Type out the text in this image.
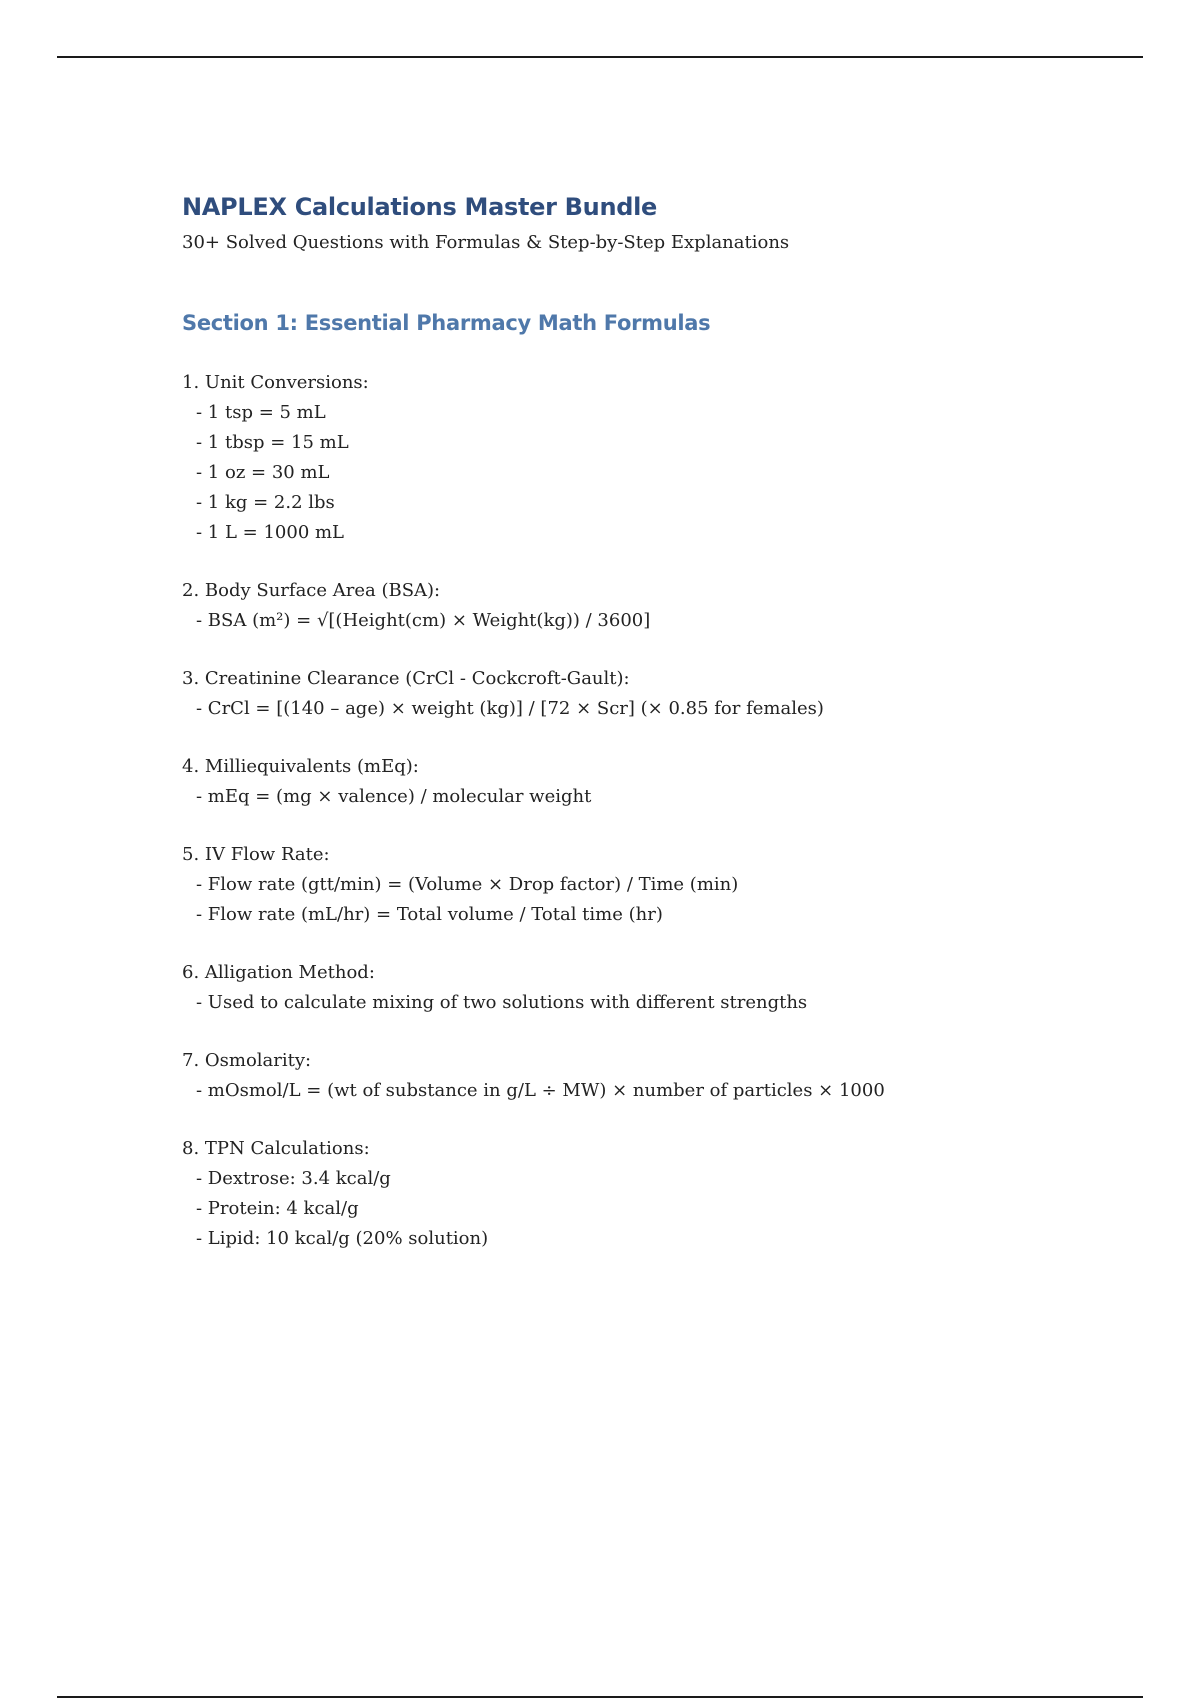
NAPLEX Calculations Master Bundle

30+ Solved Questions with Formulas & Step-by-Step Explanations

Section 1: Essential Pharmacy Math Formulas
1. Unit Conversions:
- 1 tsp = 5 mL
- 1 tbsp = 15 mL
- 1 oz = 30 mL
- 1 kg = 2.2 lbs
- 1 L = 1000 mL
2. Body Surface Area (BSA):
- BSA (m²) = √[(Height(cm) × Weight(kg)) / 3600]
3. Creatinine Clearance (CrCl - Cockcroft-Gault):
- CrCl = [(140 – age) × weight (kg)] / [72 × Scr] (× 0.85 for females)
4. Milliequivalents (mEq):
- mEq = (mg × valence) / molecular weight
5. IV Flow Rate:
- Flow rate (gtt/min) = (Volume × Drop factor) / Time (min)
- Flow rate (mL/hr) = Total volume / Total time (hr)
6. Alligation Method:
- Used to calculate mixing of two solutions with different strengths
7. Osmolarity:
- mOsmol/L = (wt of substance in g/L ÷ MW) × number of particles × 1000
8. TPN Calculations:
- Dextrose: 3.4 kcal/g
- Protein: 4 kcal/g
- Lipid: 10 kcal/g (20% solution)
